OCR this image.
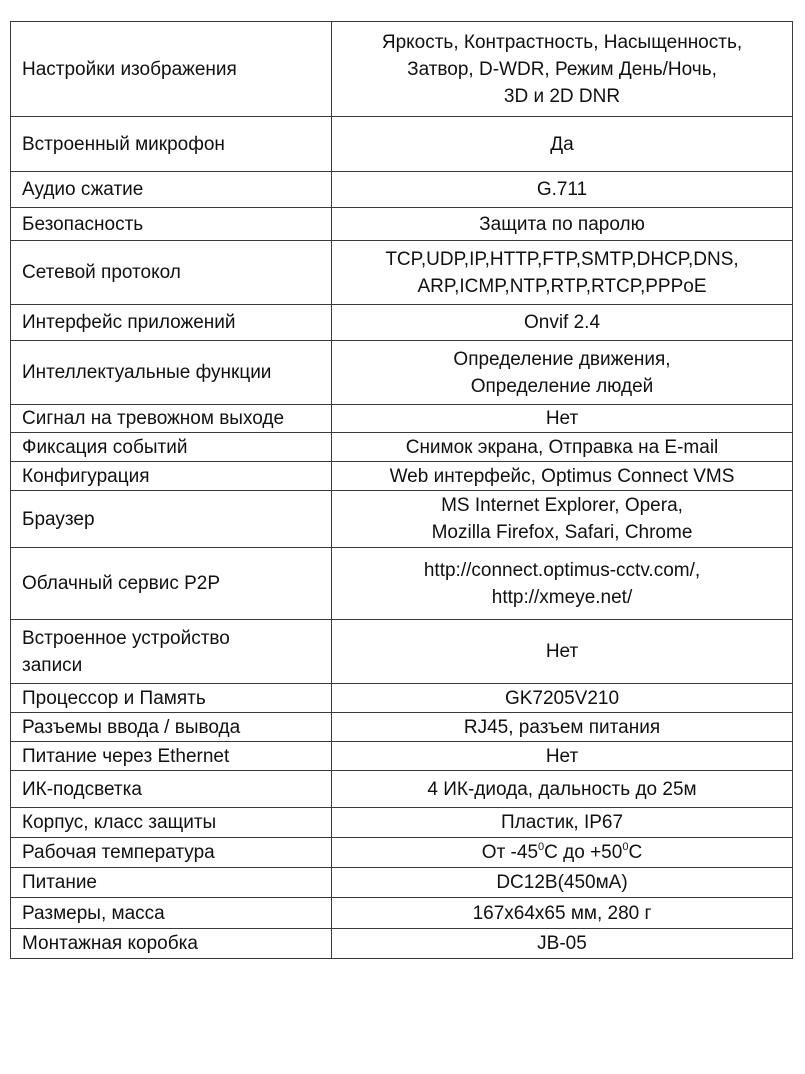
Настройки изображения	Яркость, Контрастность, Насыщенность,
Затвор, D-WDR, Режим День/Ночь,
3D и 2D DNR

Встроенный микрофон	Да

Аудио сжатие	G.711

Безопасность	Защита по паролю

Сетевой протокол	TCP,UDP,IP,HTTP,FTP,SMTP,DHCP,DNS,
ARP,ICMP,NTP,RTP,RTCP,PPPoE

Интерфейс приложений	Onvif 2.4

Интеллектуальные функции	Определение движения,
Определение людей

Сигнал на тревожном выходе	Нет

Фиксация событий	Снимок экрана, Отправка на E-mail

Конфигурация	Web интерфейс, Optimus Connect VMS

Браузер	MS Internet Explorer, Opera,
Mozilla Firefox, Safari, Chrome

Облачный сервис P2P	http://connect.optimus-cctv.com/,
http://xmeye.net/

Встроенное устройство записи	Нет

Процессор и Память	GK7205V210

Разъемы ввода / вывода	RJ45, разъем питания

Питание через Ethernet	Нет

ИК-подсветка	4 ИК-диода, дальность до 25м

Корпус, класс защиты	Пластик, IP67

Рабочая температура	От $-45^0С$ до $+50^0С$

Питание	DC12В(450мА)

Размеры, масса	167x64x65 мм, 280 г

Монтажная коробка	JB-05
